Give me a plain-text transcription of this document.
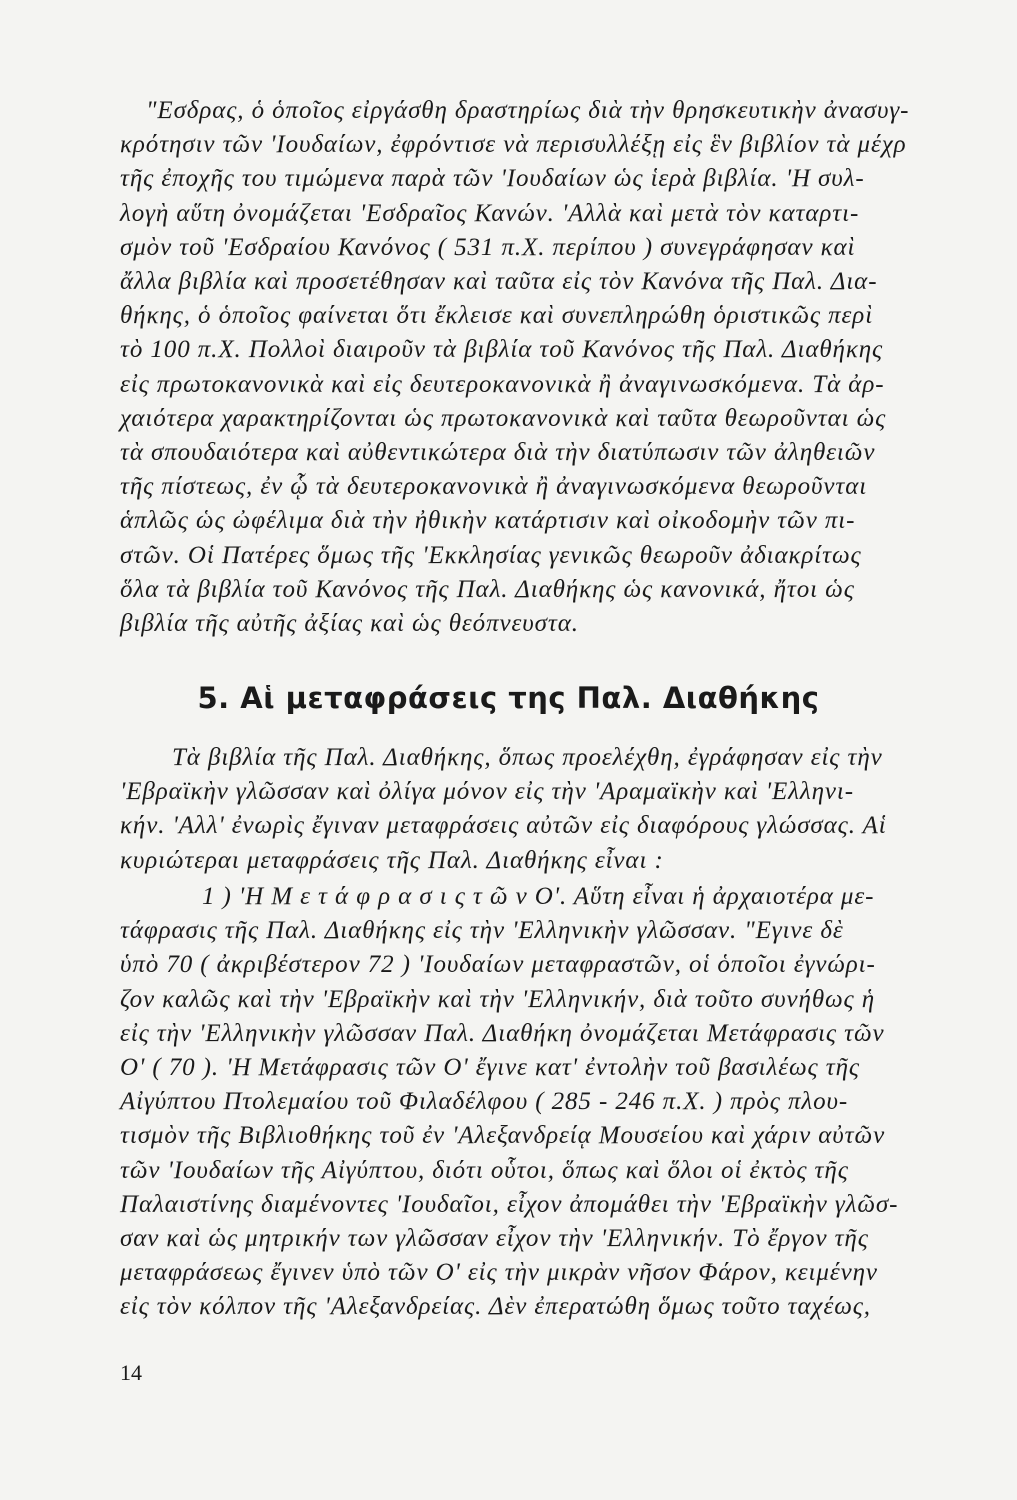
"Εσδρας, ὁ ὁποῖος εἰργάσθη δραστηρίως διὰ τὴν θρησκευτικὴν ἀνασυγ-
κρότησιν τῶν 'Ιουδαίων, ἐφρόντισε νὰ περισυλλέξῃ εἰς ἓν βιβλίον τὰ μέχρ
τῆς ἐποχῆς του τιμώμενα παρὰ τῶν 'Ιουδαίων ὡς ἱερὰ βιβλία. 'Η συλ-
λογὴ αὕτη ὀνομάζεται 'Εσδραῖος Κανών. 'Αλλὰ καὶ μετὰ τὸν καταρτι-
σμὸν τοῦ 'Εσδραίου Κανόνος ( 531 π.Χ. περίπου ) συνεγράφησαν καὶ
ἄλλα βιβλία καὶ προσετέθησαν καὶ ταῦτα εἰς τὸν Κανόνα τῆς Παλ. Δια-
θήκης, ὁ ὁποῖος φαίνεται ὅτι ἔκλεισε καὶ συνεπληρώθη ὁριστικῶς περὶ
τὸ 100 π.Χ. Πολλοὶ διαιροῦν τὰ βιβλία τοῦ Κανόνος τῆς Παλ. Διαθήκης
εἰς πρωτοκανονικὰ καὶ εἰς δευτεροκανονικὰ ἢ ἀναγινωσκόμενα. Τὰ ἀρ-
χαιότερα χαρακτηρίζονται ὡς πρωτοκανονικὰ καὶ ταῦτα θεωροῦνται ὡς
τὰ σπουδαιότερα καὶ αὐθεντικώτερα διὰ τὴν διατύπωσιν τῶν ἀληθειῶν
τῆς πίστεως, ἐν ᾧ τὰ δευτεροκανονικὰ ἢ ἀναγινωσκόμενα θεωροῦνται
ἁπλῶς ὡς ὠφέλιμα διὰ τὴν ἠθικὴν κατάρτισιν καὶ οἰκοδομὴν τῶν πι-
στῶν. Οἱ Πατέρες ὅμως τῆς 'Εκκλησίας γενικῶς θεωροῦν ἀδιακρίτως
ὅλα τὰ βιβλία τοῦ Κανόνος τῆς Παλ. Διαθήκης ὡς κανονικά, ἤτοι ὡς
βιβλία τῆς αὐτῆς ἀξίας καὶ ὡς θεόπνευστα.
5. Αἱ μεταφράσεις της Παλ. Διαθήκης
Τὰ βιβλία τῆς Παλ. Διαθήκης, ὅπως προελέχθη, ἐγράφησαν εἰς τὴν
'Εβραϊκὴν γλῶσσαν καὶ ὀλίγα μόνον εἰς τὴν 'Αραμαϊκὴν καὶ 'Ελληνι-
κήν. 'Αλλ' ἐνωρὶς ἔγιναν μεταφράσεις αὐτῶν εἰς διαφόρους γλώσσας. Αἱ
κυριώτεραι μεταφράσεις τῆς Παλ. Διαθήκης εἶναι :
1 ) 'Η Μ ε τ ά φ ρ α σ ι ς τ ῶ ν Ο'. Αὕτη εἶναι ἡ ἀρχαιοτέρα με-
τάφρασις τῆς Παλ. Διαθήκης εἰς τὴν 'Ελληνικὴν γλῶσσαν. "Εγινε δὲ
ὑπὸ 70 ( ἀκριβέστερον 72 ) 'Ιουδαίων μεταφραστῶν, οἱ ὁποῖοι ἐγνώρι-
ζον καλῶς καὶ τὴν 'Εβραϊκὴν καὶ τὴν 'Ελληνικήν, διὰ τοῦτο συνήθως ἡ
εἰς τὴν 'Ελληνικὴν γλῶσσαν Παλ. Διαθήκη ὀνομάζεται Μετάφρασις τῶν
Ο' ( 70 ). 'Η Μετάφρασις τῶν Ο' ἔγινε κατ' ἐντολὴν τοῦ βασιλέως τῆς
Αἰγύπτου Πτολεμαίου τοῦ Φιλαδέλφου ( 285 - 246 π.Χ. ) πρὸς πλου-
τισμὸν τῆς Βιβλιοθήκης τοῦ ἐν 'Αλεξανδρείᾳ Μουσείου καὶ χάριν αὐτῶν
τῶν 'Ιουδαίων τῆς Αἰγύπτου, διότι οὗτοι, ὅπως καὶ ὅλοι οἱ ἐκτὸς τῆς
Παλαιστίνης διαμένοντες 'Ιουδαῖοι, εἶχον ἀπομάθει τὴν 'Εβραϊκὴν γλῶσ-
σαν καὶ ὡς μητρικήν των γλῶσσαν εἶχον τὴν 'Ελληνικήν. Τὸ ἔργον τῆς
μεταφράσεως ἔγινεν ὑπὸ τῶν Ο' εἰς τὴν μικρὰν νῆσον Φάρον, κειμένην
εἰς τὸν κόλπον τῆς 'Αλεξανδρείας. Δὲν ἐπερατώθη ὅμως τοῦτο ταχέως,
14
